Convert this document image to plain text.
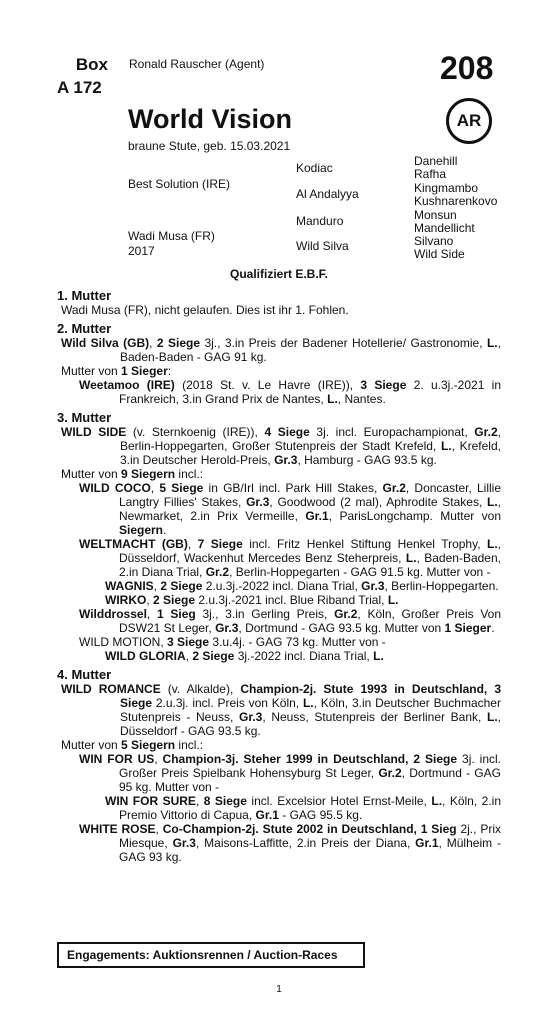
Box
A 172
Ronald Rauscher (Agent)	208
AR
World Vision
braune Stute, geb. 15.03.2021
Best Solution (IRE)
Wadi Musa (FR)
2017
Kodiac
Al Andalyya
Manduro
Wild Silva
Danehill
Rafha
Kingmambo
Kushnarenkovo
Monsun
Mandellicht
Silvano
Wild Side
Qualifiziert E.B.F.
1. Mutter

Wadi Musa (FR), nicht gelaufen. Dies ist ihr 1. Fohlen.

2. Mutter

Wild Silva (GB), 2 Siege 3j., 3.in Preis der Badener Hotellerie/ Gastronomie, L., Baden-Baden - GAG 91 kg.

Mutter von 1 Sieger:

Weetamoo (IRE) (2018 St. v. Le Havre (IRE)), 3 Siege 2. u.3j.-2021 in Frankreich, 3.in Grand Prix de Nantes, L., Nantes.

3. Mutter

WILD SIDE (v. Sternkoenig (IRE)), 4 Siege 3j. incl. Europachampionat, Gr.2, Berlin-Hoppegarten, Großer Stutenpreis der Stadt Krefeld, L., Krefeld, 3.in Deutscher Herold-Preis, Gr.3, Hamburg - GAG 93.5 kg.

Mutter von 9 Siegern incl.:

WILD COCO, 5 Siege in GB/Irl incl. Park Hill Stakes, Gr.2, Doncaster, Lillie Langtry Fillies' Stakes, Gr.3, Goodwood (2 mal), Aphrodite Stakes, L., Newmarket, 2.in Prix Vermeille, Gr.1, ParisLongchamp. Mutter von Siegern.

WELTMACHT (GB), 7 Siege incl. Fritz Henkel Stiftung Henkel Trophy, L., Düsseldorf, Wackenhut Mercedes Benz Steherpreis, L., Baden-Baden, 2.in Diana Trial, Gr.2, Berlin-Hoppegarten - GAG 91.5 kg. Mutter von -

WAGNIS, 2 Siege 2.u.3j.-2022 incl. Diana Trial, Gr.3, Berlin-Hoppegarten.

WIRKO, 2 Siege 2.u.3j.-2021 incl. Blue Riband Trial, L.

Wilddrossel, 1 Sieg 3j., 3.in Gerling Preis, Gr.2, Köln, Großer Preis Von DSW21 St Leger, Gr.3, Dortmund - GAG 93.5 kg. Mutter von 1 Sieger.

WILD MOTION, 3 Siege 3.u.4j. - GAG 73 kg. Mutter von -

WILD GLORIA, 2 Siege 3j.-2022 incl. Diana Trial, L.

4. Mutter

WILD ROMANCE (v. Alkalde), Champion-2j. Stute 1993 in Deutschland, 3 Siege 2.u.3j. incl. Preis von Köln, L., Köln, 3.in Deutscher Buchmacher Stutenpreis - Neuss, Gr.3, Neuss, Stutenpreis der Berliner Bank, L., Düsseldorf - GAG 93.5 kg.

Mutter von 5 Siegern incl.:

WIN FOR US, Champion-3j. Steher 1999 in Deutschland, 2 Siege 3j. incl. Großer Preis Spielbank Hohensyburg St Leger, Gr.2, Dortmund - GAG 95 kg. Mutter von -

WIN FOR SURE, 8 Siege incl. Excelsior Hotel Ernst-Meile, L., Köln, 2.in Premio Vittorio di Capua, Gr.1 - GAG 95.5 kg.

WHITE ROSE, Co-Champion-2j. Stute 2002 in Deutschland, 1 Sieg 2j., Prix Miesque, Gr.3, Maisons-Laffitte, 2.in Preis der Diana, Gr.1, Mülheim - GAG 93 kg.

Engagements: Auktionsrennen / Auction-Races
1
